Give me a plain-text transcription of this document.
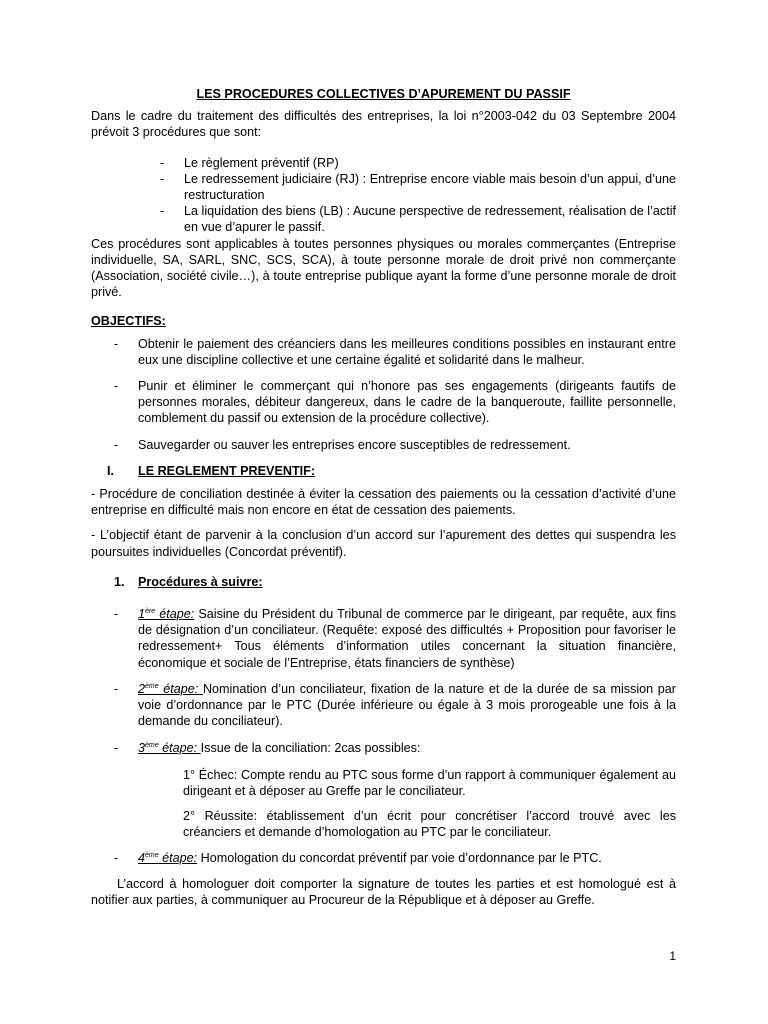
LES PROCEDURES COLLECTIVES D’APUREMENT DU PASSIF

Dans le cadre du traitement des difficultés des entreprises, la loi n°2003-042 du 03 Septembre 2004 prévoit 3 procédures que sont:

- Le règlement préventif (RP)
- Le redressement judiciaire (RJ) : Entreprise encore viable mais besoin d’un appui, d’une restructuration
- La liquidation des biens (LB) : Aucune perspective de redressement, réalisation de l’actif en vue d’apurer le passif.

Ces procédures sont applicables à toutes personnes physiques ou morales commerçantes (Entreprise individuelle, SA, SARL, SNC, SCS, SCA), à toute personne morale de droit privé non commerçante (Association, société civile…), à toute entreprise publique ayant la forme d’une personne morale de droit privé.

OBJECTIFS:

- Obtenir le paiement des créanciers dans les meilleures conditions possibles en instaurant entre eux une discipline collective et une certaine égalité et solidarité dans le malheur.
- Punir et éliminer le commerçant qui n’honore pas ses engagements (dirigeants fautifs de personnes morales, débiteur dangereux, dans le cadre de la banqueroute, faillite personnelle, comblement du passif ou extension de la procédure collective).
- Sauvegarder ou sauver les entreprises encore susceptibles de redressement.
I. LE REGLEMENT PREVENTIF:

- Procédure de conciliation destinée à éviter la cessation des paiements ou la cessation d’activité d’une entreprise en difficulté mais non encore en état de cessation des paiements.

- L’objectif étant de parvenir à la conclusion d’un accord sur l’apurement des dettes qui suspendra les poursuites individuelles (Concordat préventif).

1. Procédures à suivre:
- 1ère étape: Saisine du Président du Tribunal de commerce par le dirigeant, par requête, aux fins de désignation d’un conciliateur. (Requête: exposé des difficultés + Proposition pour favoriser le redressement+ Tous éléments d’information utiles concernant la situation financière, économique et sociale de l’Entreprise, états financiers de synthèse)
- 2ème étape: Nomination d’un conciliateur, fixation de la nature et de la durée de sa mission par voie d’ordonnance par le PTC (Durée inférieure ou égale à 3 mois prorogeable une fois à la demande du conciliateur).
- 3ème étape: Issue de la conciliation: 2cas possibles:

1° Échec: Compte rendu au PTC sous forme d’un rapport à communiquer également au dirigeant et à déposer au Greffe par le conciliateur.

2° Réussite: établissement d’un écrit pour concrétiser l’accord trouvé avec les créanciers et demande d’homologation au PTC par le conciliateur.

- 4ème étape: Homologation du concordat préventif par voie d’ordonnance par le PTC.

L’accord à homologuer doit comporter la signature de toutes les parties et est homologué est à notifier aux parties, à communiquer au Procureur de la République et à déposer au Greffe.

1
